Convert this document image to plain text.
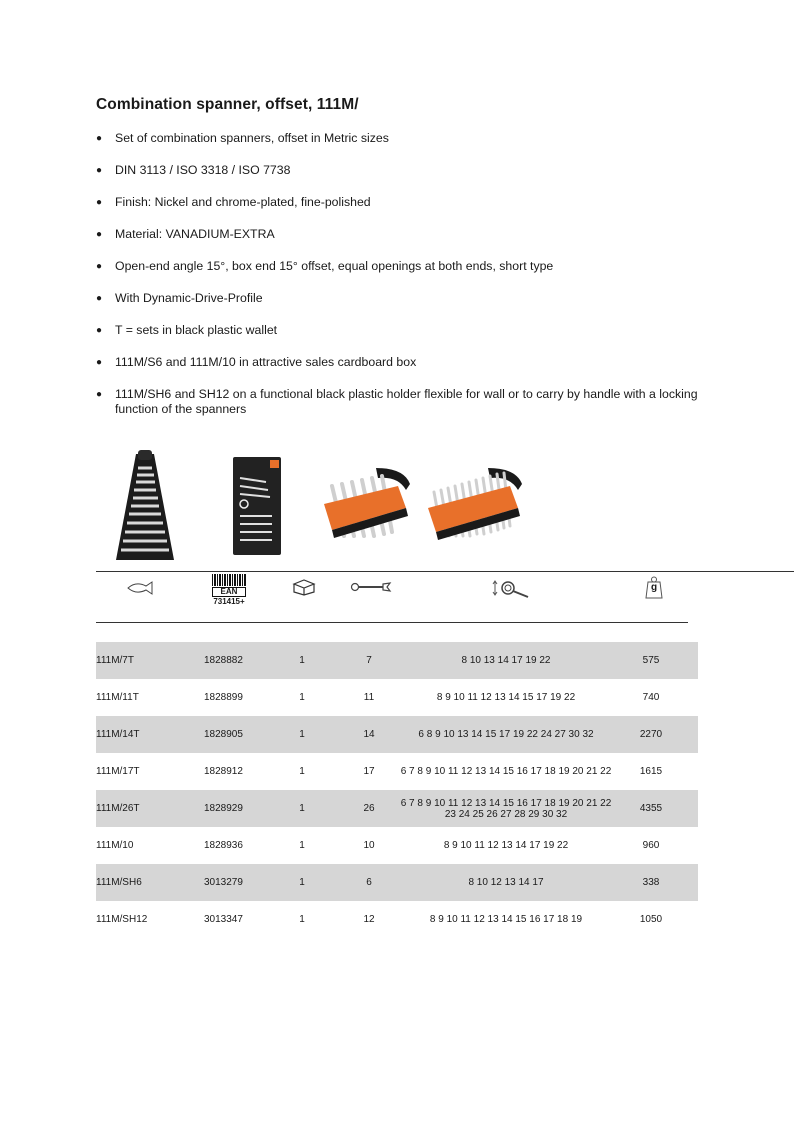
Combination spanner, offset, 111M/
● Set of combination spanners, offset in Metric sizes
● DIN 3113 / ISO 3318 / ISO 7738
● Finish: Nickel and chrome-plated, fine-polished
● Material: VANADIUM-EXTRA
● Open-end angle 15°, box end 15° offset, equal openings at both ends, short type
● With Dynamic-Drive-Profile
● T = sets in black plastic wallet
● 111M/S6 and 111M/10 in attractive sales cardboard box
● 111M/SH6 and SH12 on a functional black plastic holder flexible for wall or to carry by handle with a locking function of the spanners
EAN
731415+
g
111M/7T	1828882	1	7	8 10 13 14 17 19 22	575
111M/11T	1828899	1	11	8 9 10 11 12 13 14 15 17 19 22	740
111M/14T	1828905	1	14	6 8 9 10 13 14 15 17 19 22 24 27 30 32	2270
111M/17T	1828912	1	17	6 7 8 9 10 11 12 13 14 15 16 17 18 19 20 21 22	1615
111M/26T	1828929	1	26	6 7 8 9 10 11 12 13 14 15 16 17 18 19 20 21 22 23 24 25 26 27 28 29 30 32	4355
111M/10	1828936	1	10	8 9 10 11 12 13 14 17 19 22	960
111M/SH6	3013279	1	6	8 10 12 13 14 17	338
111M/SH12	3013347	1	12	8 9 10 11 12 13 14 15 16 17 18 19	1050
